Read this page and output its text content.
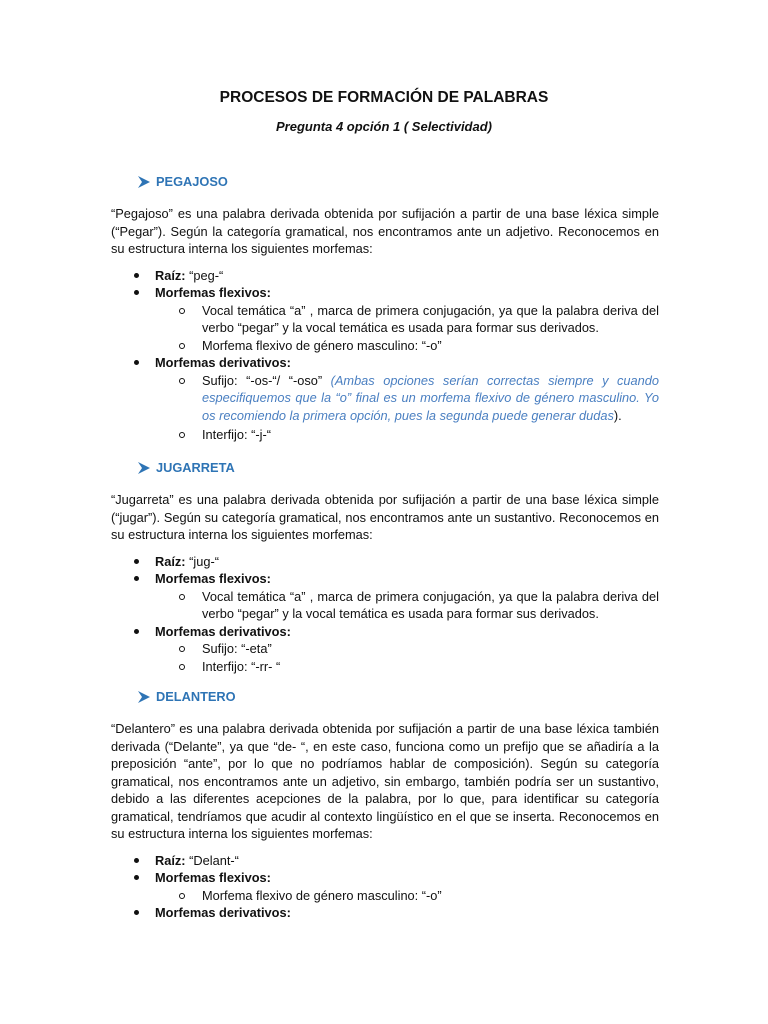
PROCESOS DE FORMACIÓN DE PALABRAS
Pregunta 4 opción 1 ( Selectividad)
PEGAJOSO
“Pegajoso” es una palabra derivada obtenida por sufijación a partir de una base léxica simple (“Pegar”). Según la categoría gramatical, nos encontramos ante un adjetivo. Reconocemos en su estructura interna los siguientes morfemas:
Raíz: “peg-“
Morfemas flexivos:
Vocal temática “a” , marca de primera conjugación, ya que la palabra deriva del verbo “pegar” y la vocal temática es usada para formar sus derivados.
Morfema flexivo de género masculino: “-o”
Morfemas derivativos:
Sufijo: “-os-“/ “-oso” (Ambas opciones serían correctas siempre y cuando especifiquemos que la “o” final es un morfema flexivo de género masculino. Yo os recomiendo la primera opción, pues la segunda puede generar dudas).
Interfijo: “-j-“
JUGARRETA
“Jugarreta” es una palabra derivada obtenida por sufijación a partir de una base léxica simple (“jugar”). Según su categoría gramatical, nos encontramos ante un sustantivo. Reconocemos en su estructura interna los siguientes morfemas:
Raíz: “jug-“
Morfemas flexivos:
Vocal temática “a” , marca de primera conjugación, ya que la palabra deriva del verbo “pegar” y la vocal temática es usada para formar sus derivados.
Morfemas derivativos:
Sufijo: “-eta”
Interfijo: “-rr- “
DELANTERO
“Delantero” es una palabra derivada obtenida por sufijación a partir de una base léxica también derivada (“Delante”, ya que “de- “, en este caso, funciona como un prefijo que se añadiría a la preposición “ante”, por lo que no podríamos hablar de composición). Según su categoría gramatical, nos encontramos ante un adjetivo, sin embargo, también podría ser un sustantivo, debido a las diferentes acepciones de la palabra, por lo que, para identificar su categoría gramatical, tendríamos que acudir al contexto lingüístico en el que se inserta. Reconocemos en su estructura interna los siguientes morfemas:
Raíz: “Delant-“
Morfemas flexivos:
Morfema flexivo de género masculino: “-o”
Morfemas derivativos:
